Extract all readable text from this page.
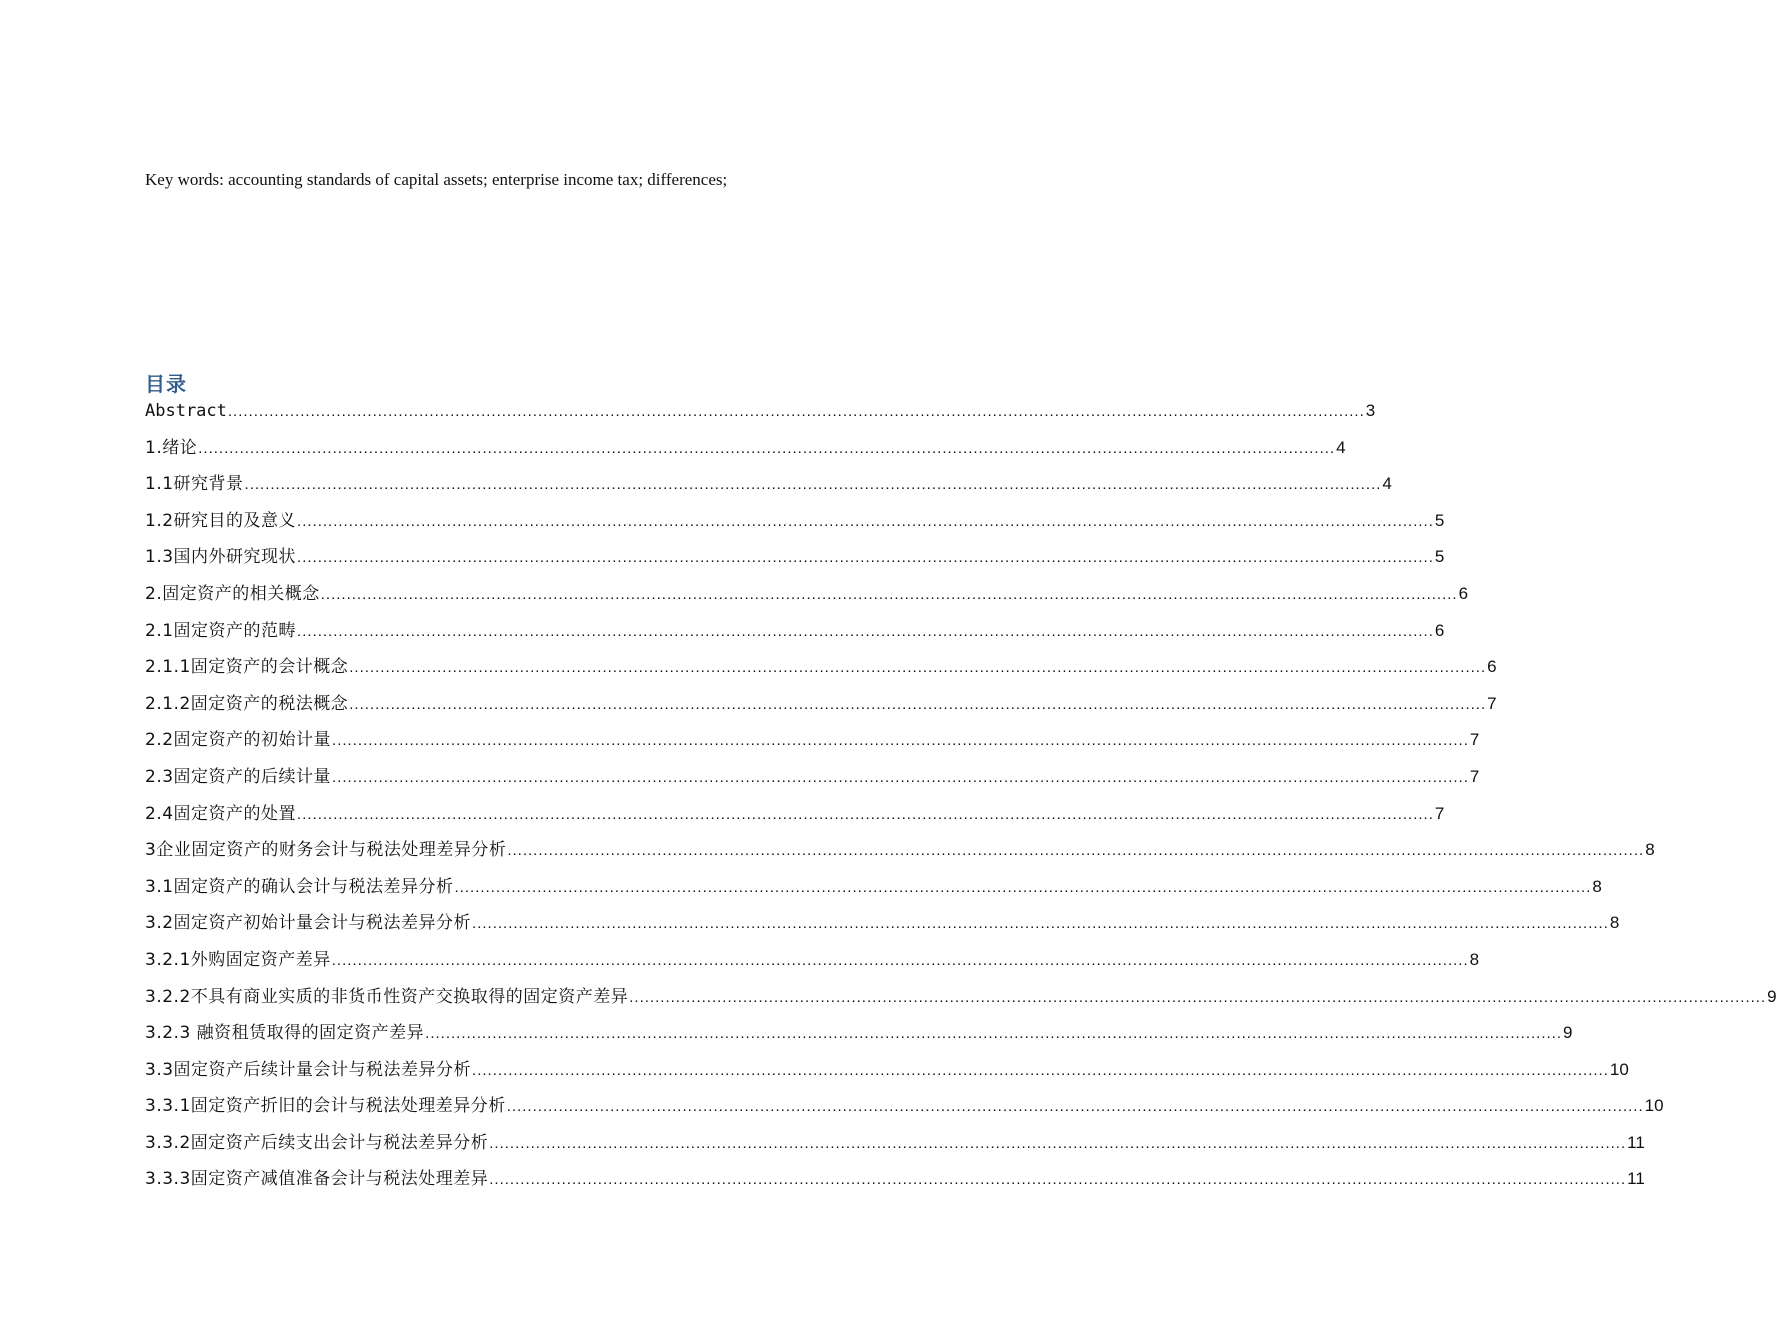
Key words: accounting standards of capital assets; enterprise income tax; differences;
目录
Abstract ............................................................................................................................................................................................................................ 3
1.绪论 ............................................................................................................................................................................................................................ 4
1.1研究背景 ............................................................................................................................................................................................................................ 4
1.2研究目的及意义 ............................................................................................................................................................................................................................ 5
1.3国内外研究现状 ............................................................................................................................................................................................................................ 5
2.固定资产的相关概念 ............................................................................................................................................................................................................................ 6
2.1固定资产的范畴 ............................................................................................................................................................................................................................ 6
2.1.1固定资产的会计概念 ............................................................................................................................................................................................................................ 6
2.1.2固定资产的税法概念 ............................................................................................................................................................................................................................ 7
2.2固定资产的初始计量 ............................................................................................................................................................................................................................ 7
2.3固定资产的后续计量 ............................................................................................................................................................................................................................ 7
2.4固定资产的处置 ............................................................................................................................................................................................................................ 7
3企业固定资产的财务会计与税法处理差异分析 ............................................................................................................................................................................................................................ 8
3.1固定资产的确认会计与税法差异分析 ............................................................................................................................................................................................................................ 8
3.2固定资产初始计量会计与税法差异分析 ............................................................................................................................................................................................................................ 8
3.2.1外购固定资产差异 ............................................................................................................................................................................................................................ 8
3.2.2不具有商业实质的非货币性资产交换取得的固定资产差异 ............................................................................................................................................................................................................................ 9
3.2.3 融资租赁取得的固定资产差异 ............................................................................................................................................................................................................................ 9
3.3固定资产后续计量会计与税法差异分析 ............................................................................................................................................................................................................................ 10
3.3.1固定资产折旧的会计与税法处理差异分析 ............................................................................................................................................................................................................................ 10
3.3.2固定资产后续支出会计与税法差异分析 ............................................................................................................................................................................................................................ 11
3.3.3固定资产减值准备会计与税法处理差异 ............................................................................................................................................................................................................................ 11
